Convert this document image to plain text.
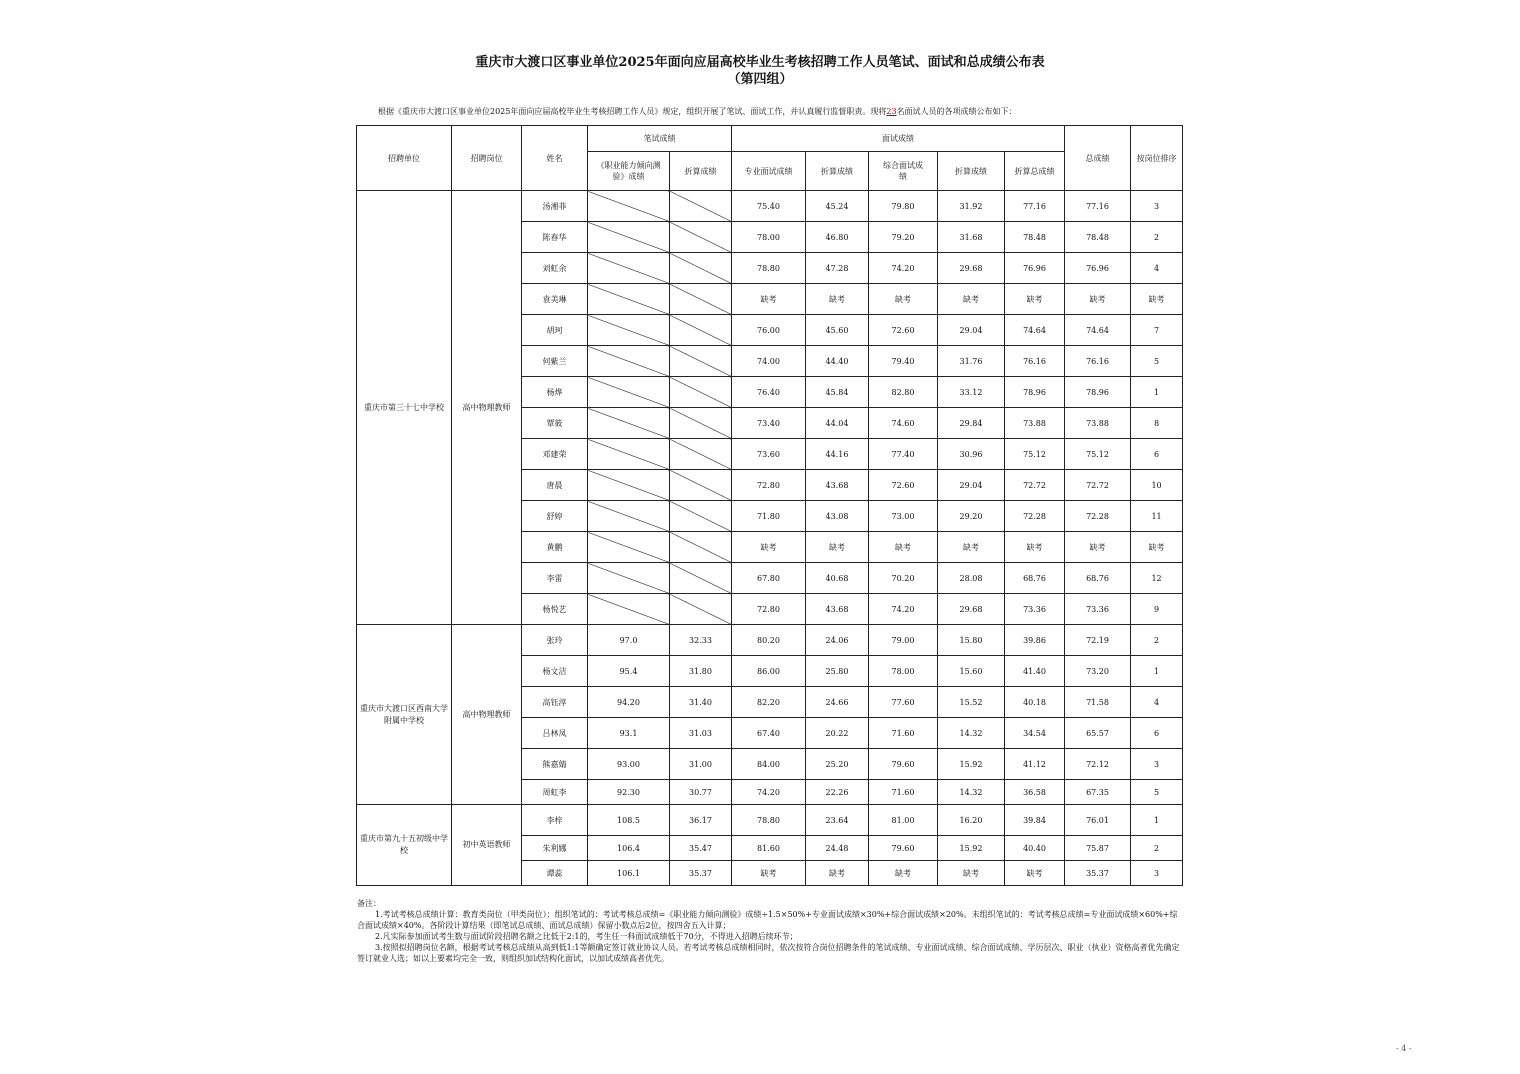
重庆市大渡口区事业单位2025年面向应届高校毕业生考核招聘工作人员笔试、面试和总成绩公布表
（第四组）
根据《重庆市大渡口区事业单位2025年面向应届高校毕业生考核招聘工作人员》规定，组织开展了笔试、面试工作，并认真履行监督职责。现将23名面试人员的各项成绩公布如下：
招聘单位	招聘岗位	姓名	笔试成绩		面试成绩					总成绩	按岗位排序
			《职业能力倾向测验》成绩	折算成绩	专业面试成绩	折算成绩	综合面试成绩	折算成绩	折算总成绩		
重庆市第三十七中学校	高中物理教师	汤湘菲			75.40	45.24	79.80	31.92	77.16	77.16	3
		陈春华			78.00	46.80	79.20	31.68	78.48	78.48	2
		刘虹余			78.80	47.28	74.20	29.68	76.96	76.96	4
		袁美琳			缺考	缺考	缺考	缺考	缺考	缺考	缺考
		胡珂			76.00	45.60	72.60	29.04	74.64	74.64	7
		何紫兰			74.00	44.40	79.40	31.76	76.16	76.16	5
		杨烨			76.40	45.84	82.80	33.12	78.96	78.96	1
		覃筱			73.40	44.04	74.60	29.84	73.88	73.88	8
		邓建荣			73.60	44.16	77.40	30.96	75.12	75.12	6
		唐晨			72.80	43.68	72.60	29.04	72.72	72.72	10
		舒婷			71.80	43.08	73.00	29.20	72.28	72.28	11
		黄鹏			缺考	缺考	缺考	缺考	缺考	缺考	缺考
		李雷			67.80	40.68	70.20	28.08	68.76	68.76	12
		杨悦艺			72.80	43.68	74.20	29.68	73.36	73.36	9
重庆市大渡口区西南大学附属中学校	高中物理教师	张玲	97.0	32.33	80.20	24.06	79.00	15.80	39.86	72.19	2
		杨文洁	95.4	31.80	86.00	25.80	78.00	15.60	41.40	73.20	1
		高钰淳	94.20	31.40	82.20	24.66	77.60	15.52	40.18	71.58	4
		吕林凤	93.1	31.03	67.40	20.22	71.60	14.32	34.54	65.57	6
		熊嘉婧	93.00	31.00	84.00	25.20	79.60	15.92	41.12	72.12	3
		周虹李	92.30	30.77	74.20	22.26	71.60	14.32	36.58	67.35	5
重庆市第九十五初级中学校	初中英语教师	李梓	108.5	36.17	78.80	23.64	81.00	16.20	39.84	76.01	1
		朱利娜	106.4	35.47	81.60	24.48	79.60	15.92	40.40	75.87	2
		谭蕊	106.1	35.37	缺考	缺考	缺考	缺考	缺考	35.37	3
备注：
1.考试考核总成绩计算：教育类岗位（甲类岗位）：组织笔试的：考试考核总成绩=《职业能力倾向测验》成绩÷1.5×50%+专业面试成绩×30%+综合面试成绩×20%。未组织笔试的：考试考核总成绩=专业面试成绩×60%+综合面试成绩×40%。各阶段计算结果（即笔试总成绩、面试总成绩）保留小数点后2位，按四舍五入计算；
2.凡实际参加面试考生数与面试阶段招聘名额之比低于2:1的，考生任一科面试成绩低于70分，不得进入招聘后续环节；
3.按照拟招聘岗位名额，根据考试考核总成绩从高到低1:1等额确定签订就业协议人员。若考试考核总成绩相同时，依次按符合岗位招聘条件的笔试成绩、专业面试成绩、综合面试成绩、学历层次、职业（执业）资格高者优先确定签订就业人选；如以上要素均完全一致，则组织加试结构化面试，以加试成绩高者优先。
- 4 -
